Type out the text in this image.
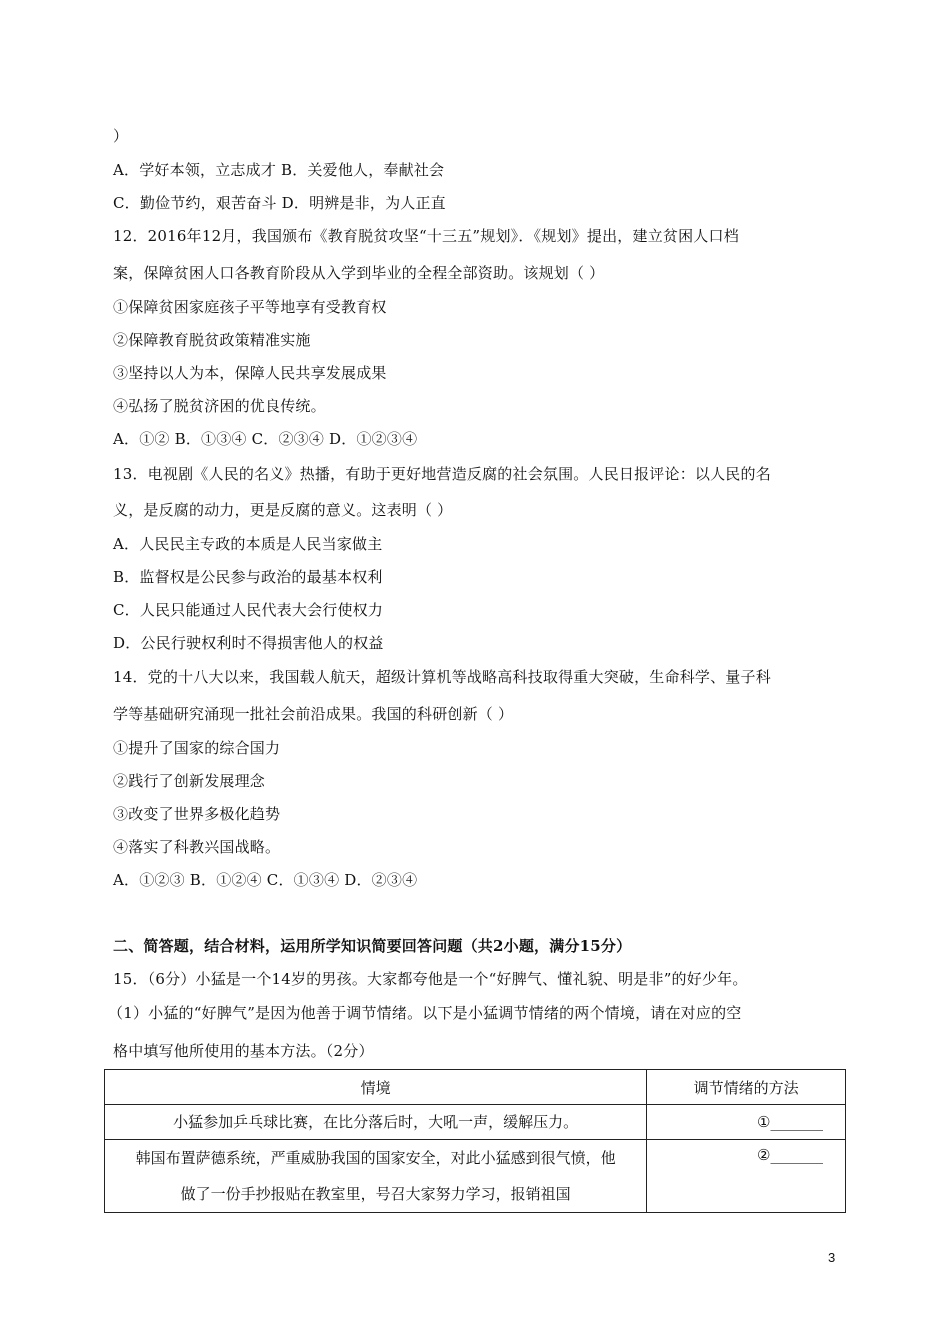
）
A．学好本领，立志成才 B．关爱他人，奉献社会
C．勤俭节约，艰苦奋斗 D．明辨是非，为人正直
12．2016年12月，我国颁布《教育脱贫攻坚“十三五”规划》．《规划》提出，建立贫困人口档
案，保障贫困人口各教育阶段从入学到毕业的全程全部资助。该规划（ ）
①保障贫困家庭孩子平等地享有受教育权
②保障教育脱贫政策精准实施
③坚持以人为本，保障人民共享发展成果
④弘扬了脱贫济困的优良传统。
A．①② B．①③④ C．②③④ D．①②③④
13．电视剧《人民的名义》热播，有助于更好地营造反腐的社会氛围。人民日报评论：以人民的名
义，是反腐的动力，更是反腐的意义。这表明（ ）
A．人民民主专政的本质是人民当家做主
B．监督权是公民参与政治的最基本权利
C．人民只能通过人民代表大会行使权力
D．公民行驶权利时不得损害他人的权益
14．党的十八大以来，我国载人航天，超级计算机等战略高科技取得重大突破，生命科学、量子科
学等基础研究涌现一批社会前沿成果。我国的科研创新（ ）
①提升了国家的综合国力
②践行了创新发展理念
③改变了世界多极化趋势
④落实了科教兴国战略。
A．①②③ B．①②④ C．①③④ D．②③④
二、简答题，结合材料，运用所学知识简要回答问题（共2小题，满分15分）
15．（6分）小猛是一个14岁的男孩。大家都夸他是一个“好脾气、懂礼貌、明是非”的好少年。
（1）小猛的“好脾气”是因为他善于调节情绪。以下是小猛调节情绪的两个情境，请在对应的空
格中填写他所使用的基本方法。（2分）
情境	调节情绪的方法

小猛参加乒乓球比赛，在比分落后时，大吼一声，缓解压力。	①_______

韩国布置萨德系统，严重威胁我国的国家安全，对此小猛感到很气愤，他
做了一份手抄报贴在教室里，号召大家努力学习，报销祖国	②_______
3
